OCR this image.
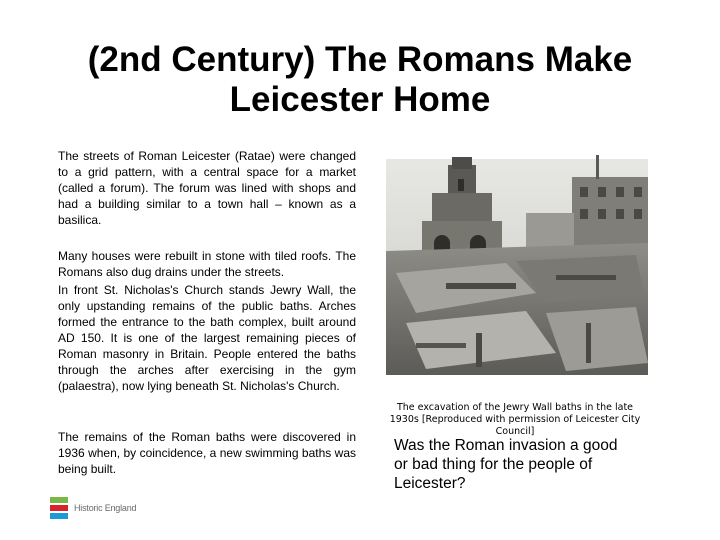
(2nd Century) The Romans Make Leicester Home

The streets of Roman Leicester (Ratae) were changed to a grid pattern, with a central space for a market (called a forum). The forum was lined with shops and had a building similar to a town hall – known as a basilica.

Many houses were rebuilt in stone with tiled roofs. The Romans also dug drains under the streets.

In front St. Nicholas's Church stands Jewry Wall, the only upstanding remains of the public baths. Arches formed the entrance to the bath complex, built around AD 150. It is one of the largest remaining pieces of Roman masonry in Britain. People entered the baths through the arches after exercising in the gym (palaestra), now lying beneath St. Nicholas's Church.

The remains of the Roman baths were discovered in 1936 when, by coincidence, a new swimming baths was being built.

The excavation of the Jewry Wall baths in the late 1930s [Reproduced with permission of Leicester City Council]

Was the Roman invasion a good or bad thing for the people of Leicester?

Historic England
